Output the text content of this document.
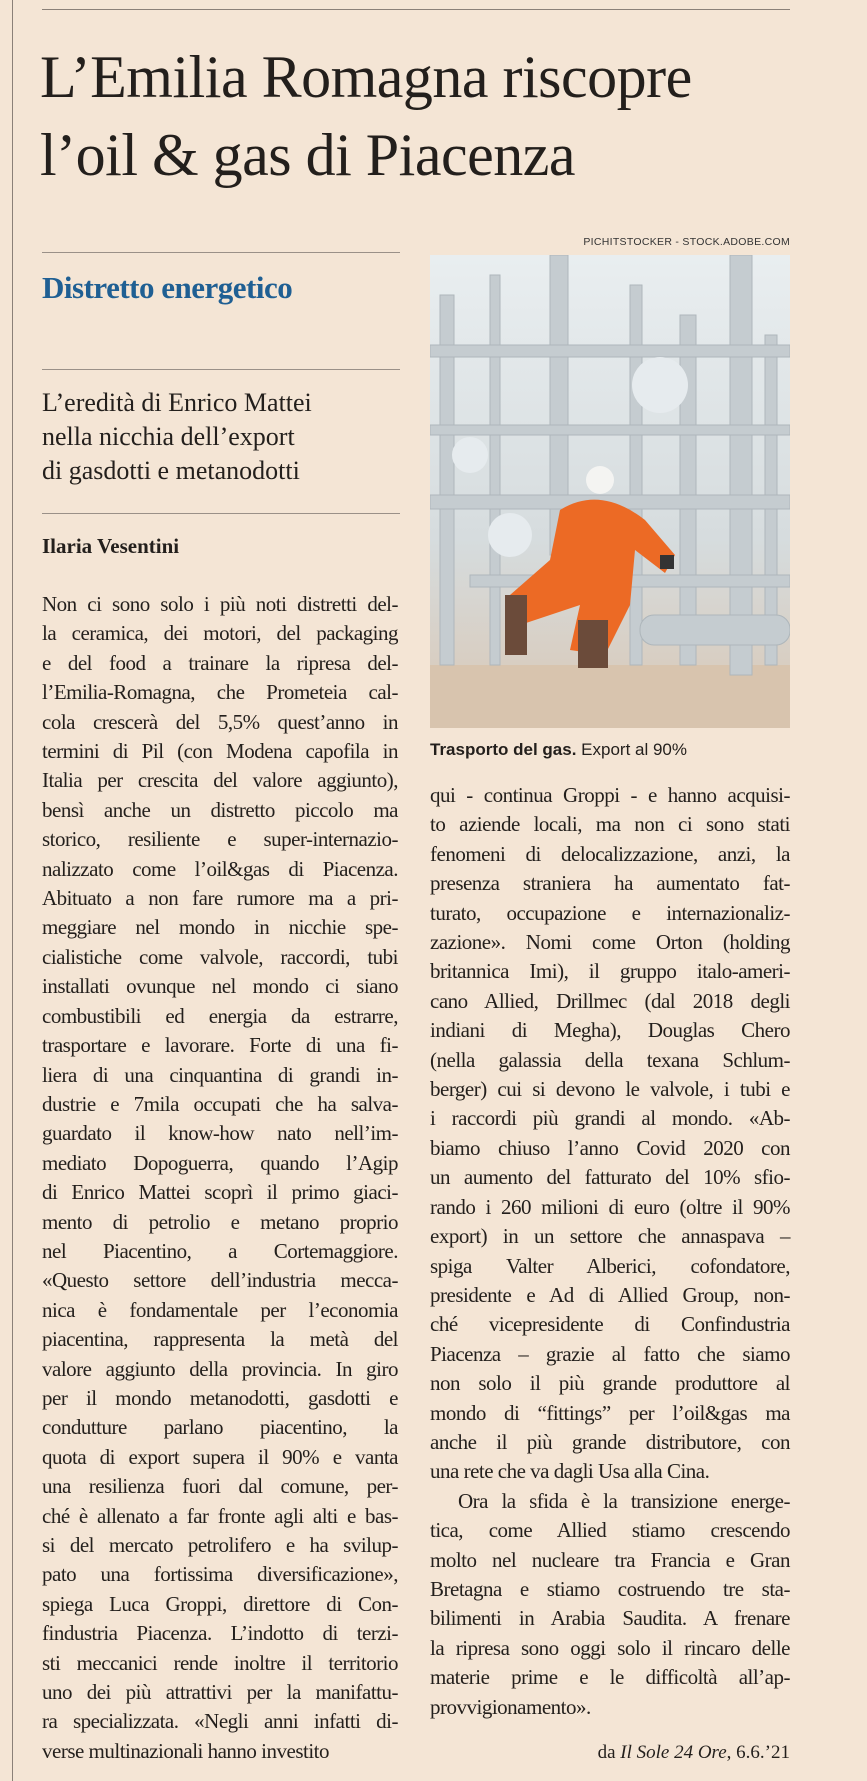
L’Emilia Romagna riscopre
l’oil & gas di Piacenza
Distretto energetico
L’eredità di Enrico Mattei
nella nicchia dell’export
di gasdotti e metanodotti
Ilaria Vesentini
Non ci sono solo i più noti distretti del-
la ceramica, dei motori, del packaging
e del food a trainare la ripresa del-
l’Emilia-Romagna, che Prometeia cal-
cola crescerà del 5,5% quest’anno in
termini di Pil (con Modena capofila in
Italia per crescita del valore aggiunto),
bensì anche un distretto piccolo ma
storico, resiliente e super-internazio-
nalizzato come l’oil&gas di Piacenza.
Abituato a non fare rumore ma a pri-
meggiare nel mondo in nicchie spe-
cialistiche come valvole, raccordi, tubi
installati ovunque nel mondo ci siano
combustibili ed energia da estrarre,
trasportare e lavorare. Forte di una fi-
liera di una cinquantina di grandi in-
dustrie e 7mila occupati che ha salva-
guardato il know-how nato nell’im-
mediato Dopoguerra, quando l’Agip
di Enrico Mattei scoprì il primo giaci-
mento di petrolio e metano proprio
nel Piacentino, a Cortemaggiore.
«Questo settore dell’industria mecca-
nica è fondamentale per l’economia
piacentina, rappresenta la metà del
valore aggiunto della provincia. In giro
per il mondo metanodotti, gasdotti e
condutture parlano piacentino, la
quota di export supera il 90% e vanta
una resilienza fuori dal comune, per-
ché è allenato a far fronte agli alti e bas-
si del mercato petrolifero e ha svilup-
pato una fortissima diversificazione»,
spiega Luca Groppi, direttore di Con-
findustria Piacenza. L’indotto di terzi-
sti meccanici rende inoltre il territorio
uno dei più attrattivi per la manifattu-
ra specializzata. «Negli anni infatti di-
verse multinazionali hanno investito
qui - continua Groppi - e hanno acquisi-
to aziende locali, ma non ci sono stati
fenomeni di delocalizzazione, anzi, la
presenza straniera ha aumentato fat-
turato, occupazione e internazionaliz-
zazione». Nomi come Orton (holding
britannica Imi), il gruppo italo-ameri-
cano Allied, Drillmec (dal 2018 degli
indiani di Megha), Douglas Chero
(nella galassia della texana Schlum-
berger) cui si devono le valvole, i tubi e
i raccordi più grandi al mondo. «Ab-
biamo chiuso l’anno Covid 2020 con
un aumento del fatturato del 10% sfio-
rando i 260 milioni di euro (oltre il 90%
export) in un settore che annaspava –
spiga Valter Alberici, cofondatore,
presidente e Ad di Allied Group, non-
ché vicepresidente di Confindustria
Piacenza – grazie al fatto che siamo
non solo il più grande produttore al
mondo di “fittings” per l’oil&gas ma
anche il più grande distributore, con
una rete che va dagli Usa alla Cina.
Ora la sfida è la transizione energe-
tica, come Allied stiamo crescendo
molto nel nucleare tra Francia e Gran
Bretagna e stiamo costruendo tre sta-
bilimenti in Arabia Saudita. A frenare
la ripresa sono oggi solo il rincaro delle
materie prime e le difficoltà all’ap-
provvigionamento».
PICHITSTOCKER - STOCK.ADOBE.COM
Trasporto del gas. Export al 90%
da Il Sole 24 Ore, 6.6.’21
